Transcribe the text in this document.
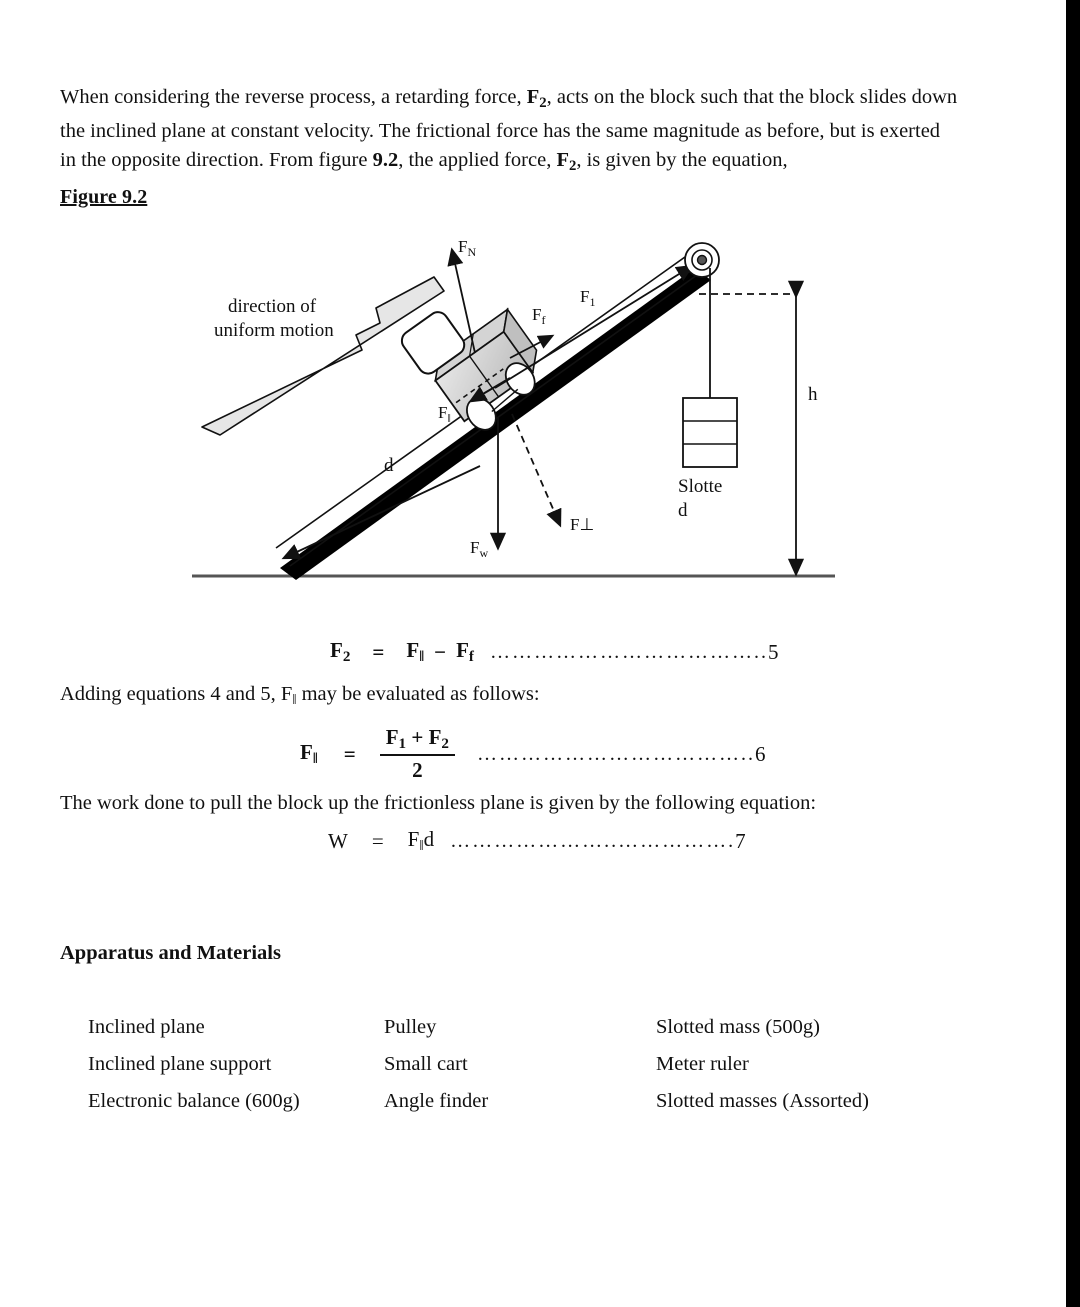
When considering the reverse process, a retarding force, $F_2$, acts on the block such that the block slides down the inclined plane at constant velocity. The frictional force has the same magnitude as before, but is exerted in the opposite direction. From figure 9.2, the applied force, $F_2$, is given by the equation,

Figure 9.2
d
direction of
uniform motion
$F_N$
$F_f$
$F_1$
$F_‖$
$F_w$
F⊥
Slotte
d
h
$F_2 = F_‖ - F_f$ ……………………………….. 5
Adding equations 4 and 5, $F_‖$ may be evaluated as follows:
$F_‖ = \frac{F_1 + F_2}{2}$ ……………………………….. 6
The work done to pull the block up the frictionless plane is given by the following equation:
$W = F_‖d$ …………………..……………. 7
Apparatus and Materials
Inclined plane	Pulley	Slotted mass (500g)
Inclined plane support	Small cart	Meter ruler
Electronic balance (600g)	Angle finder	Slotted masses (Assorted)
